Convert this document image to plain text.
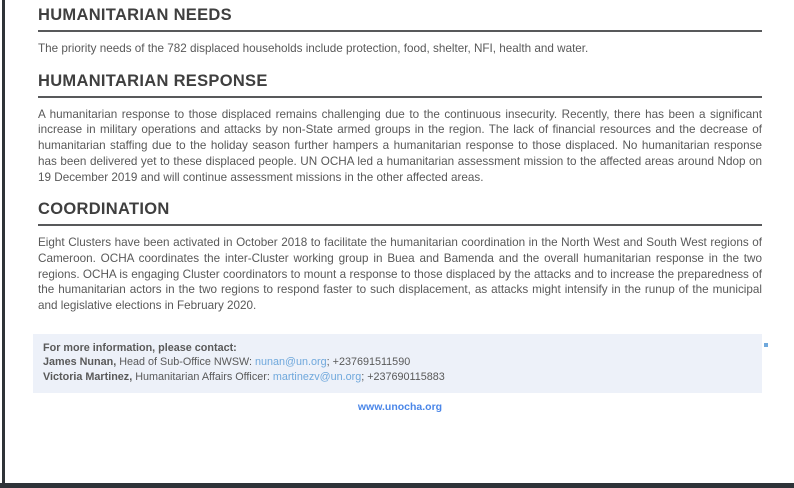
HUMANITARIAN NEEDS

The priority needs of the 782 displaced households include protection, food, shelter, NFI, health and water.

HUMANITARIAN RESPONSE

A humanitarian response to those displaced remains challenging due to the continuous insecurity. Recently, there has been a significant increase in military operations and attacks by non-State armed groups in the region. The lack of financial resources and the decrease of humanitarian staffing due to the holiday season further hampers a humanitarian response to those displaced. No humanitarian response has been delivered yet to these displaced people. UN OCHA led a humanitarian assessment mission to the affected areas around Ndop on 19 December 2019 and will continue assessment missions in the other affected areas.

COORDINATION

Eight Clusters have been activated in October 2018 to facilitate the humanitarian coordination in the North West and South West regions of Cameroon. OCHA coordinates the inter-Cluster working group in Buea and Bamenda and the overall humanitarian response in the two regions. OCHA is engaging Cluster coordinators to mount a response to those displaced by the attacks and to increase the preparedness of the humanitarian actors in the two regions to respond faster to such displacement, as attacks might intensify in the runup of the municipal and legislative elections in February 2020.

For more information, please contact:
James Nunan, Head of Sub-Office NWSW: nunan@un.org; +237691511590
Victoria Martinez, Humanitarian Affairs Officer: martinezv@un.org; +237690115883
www.unocha.org
